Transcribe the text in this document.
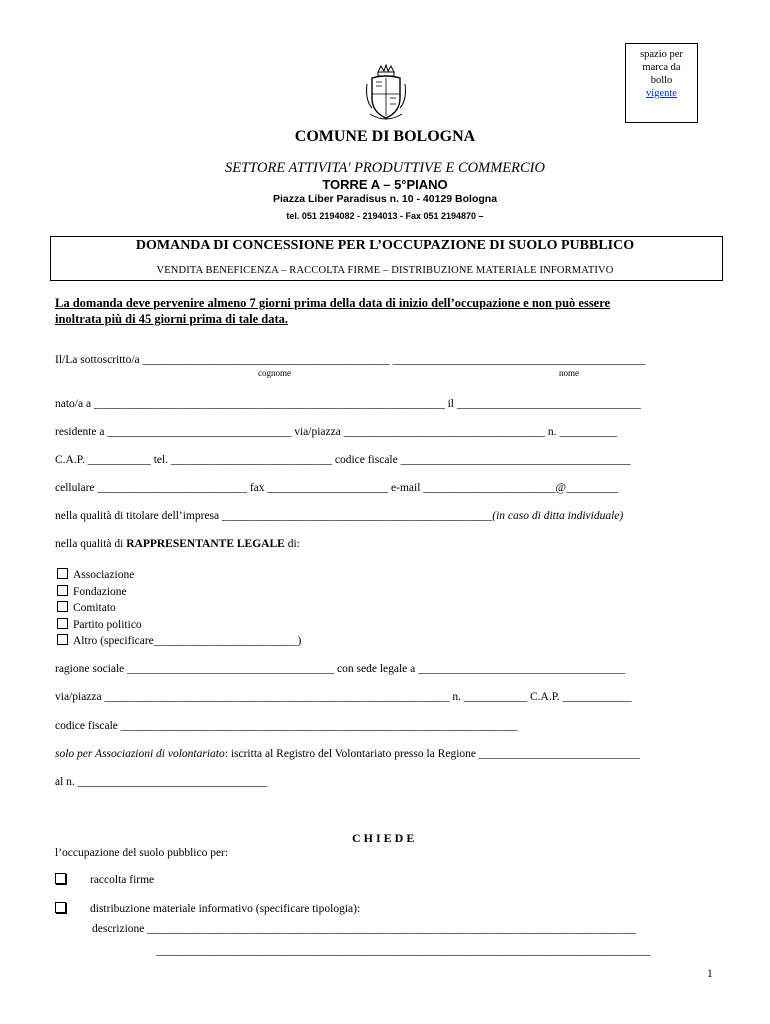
spazio per
marca da
bollo
vigente
COMUNE DI BOLOGNA
SETTORE ATTIVITA' PRODUTTIVE E COMMERCIO
TORRE A – 5°PIANO
Piazza Liber Paradisus n. 10 - 40129 Bologna
tel. 051 2194082 - 2194013 - Fax 051 2194870 –
DOMANDA DI CONCESSIONE PER L’OCCUPAZIONE DI SUOLO PUBBLICO
VENDITA BENEFICENZA – RACCOLTA FIRME – DISTRIBUZIONE MATERIALE INFORMATIVO
La domanda deve pervenire almeno 7 giorni prima della data di inizio dell’occupazione e non può essere
inoltrata più di 45 giorni prima di tale data.
Il/La sottoscritto/a ___________________________________________ ____________________________________________
cognome	nome
nato/a a _____________________________________________________________ il ________________________________
residente a ________________________________ via/piazza ___________________________________ n. __________
C.A.P. ___________ tel. ____________________________ codice fiscale ________________________________________
cellulare __________________________ fax _____________________ e-mail _______________________@_________
nella qualità di titolare dell’impresa _______________________________________________(in caso di ditta individuale)
nella qualità di RAPPRESENTANTE LEGALE di:
Associazione
Fondazione
Comitato
Partito politico
Altro (specificare_________________________)
ragione sociale ____________________________________ con sede legale a ____________________________________
via/piazza ____________________________________________________________ n. ___________ C.A.P. ____________
codice fiscale _____________________________________________________________________
solo per Associazioni di volontariato: iscritta al Registro del Volontariato presso la Regione ____________________________
al n. _________________________________
C H I E D E
l’occupazione del suolo pubblico per:
raccolta firme
distribuzione materiale informativo (specificare tipologia):
descrizione _____________________________________________________________________________________
______________________________________________________________________________________
1
